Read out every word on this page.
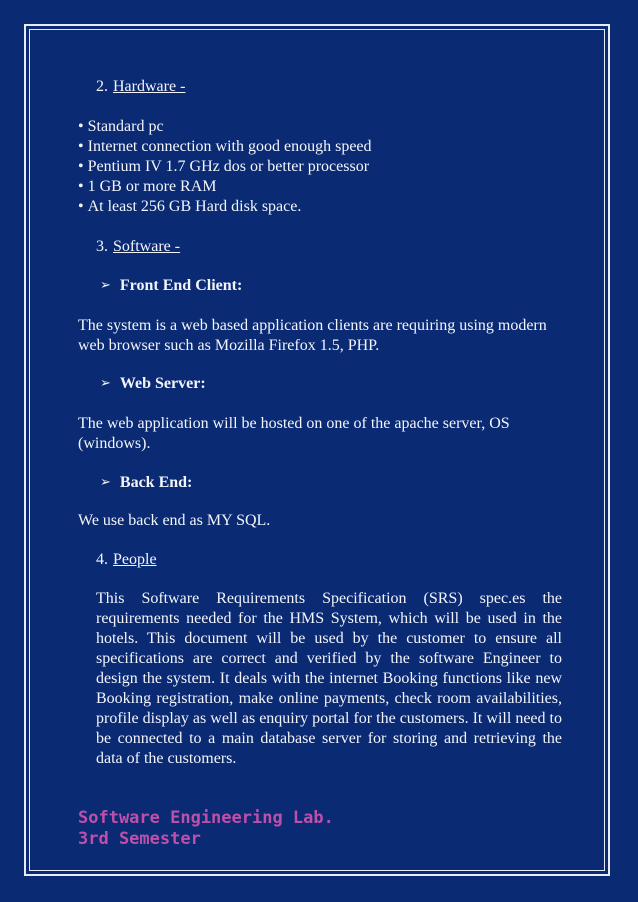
2. Hardware -
• Standard pc
• Internet connection with good enough speed
• Pentium IV 1.7 GHz dos or better processor
• 1 GB or more RAM
• At least 256 GB Hard disk space.
3. Software -
➢ Front End Client:

The system is a web based application clients are requiring using modern web browser such as Mozilla Firefox 1.5, PHP.

➢ Web Server:

The web application will be hosted on one of the apache server, OS (windows).

➢ Back End:

We use back end as MY SQL.

4. People

This Software Requirements Specification (SRS) spec.es the requirements needed for the HMS System, which will be used in the hotels. This document will be used by the customer to ensure all specifications are correct and verified by the software Engineer to design the system. It deals with the internet Booking functions like new Booking registration, make online payments, check room availabilities, profile display as well as enquiry portal for the customers. It will need to be connected to a main database server for storing and retrieving the data of the customers.

Software Engineering Lab.
3rd Semester
